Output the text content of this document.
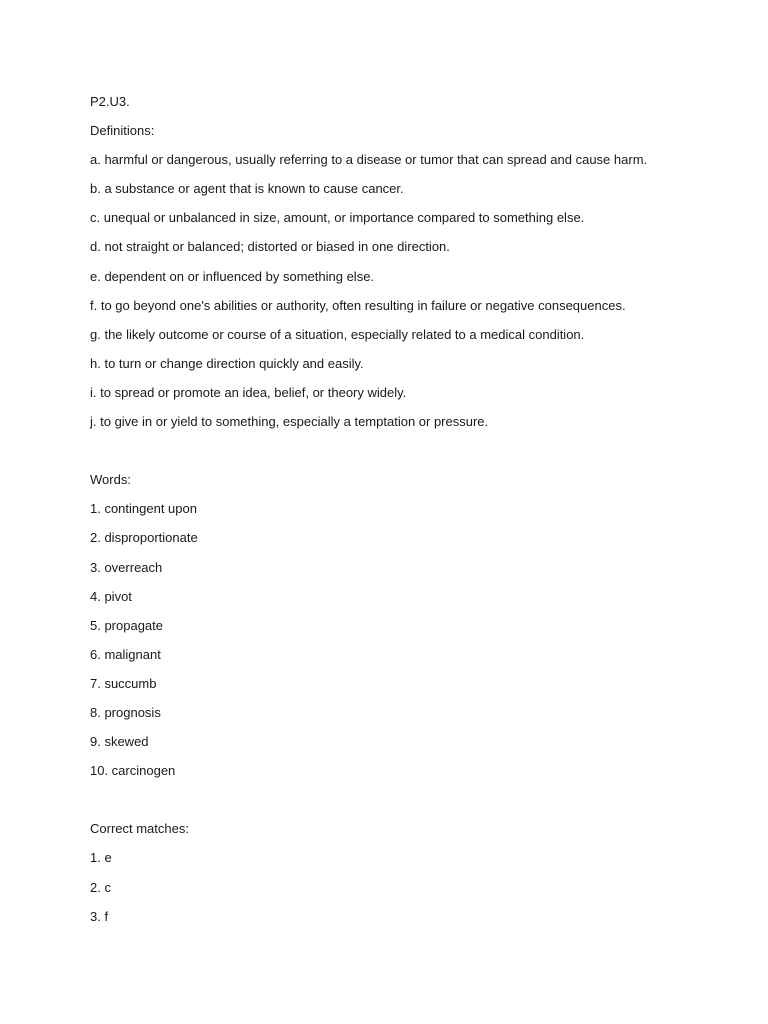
P2.U3.
Definitions:
a. harmful or dangerous, usually referring to a disease or tumor that can spread and cause harm.
b. a substance or agent that is known to cause cancer.
c. unequal or unbalanced in size, amount, or importance compared to something else.
d. not straight or balanced; distorted or biased in one direction.
e. dependent on or influenced by something else.
f. to go beyond one's abilities or authority, often resulting in failure or negative consequences.
g. the likely outcome or course of a situation, especially related to a medical condition.
h. to turn or change direction quickly and easily.
i. to spread or promote an idea, belief, or theory widely.
j. to give in or yield to something, especially a temptation or pressure.
Words:
1. contingent upon
2. disproportionate
3. overreach
4. pivot
5. propagate
6. malignant
7. succumb
8. prognosis
9. skewed
10. carcinogen
Correct matches:
1. e
2. c
3. f
